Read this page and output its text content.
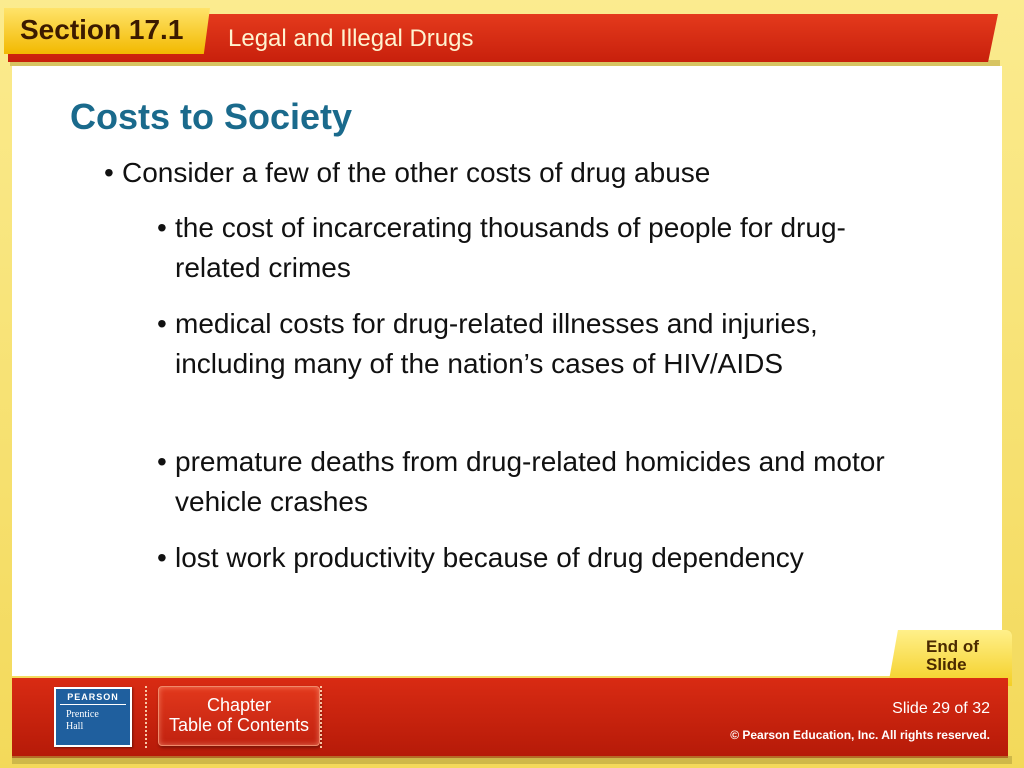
Section 17.1 Legal and Illegal Drugs
Costs to Society
• Consider a few of the other costs of drug abuse
• the cost of incarcerating thousands of people for drug-related crimes
• medical costs for drug-related illnesses and injuries, including many of the nation’s cases of HIV/AIDS
• premature deaths from drug-related homicides and motor vehicle crashes
• lost work productivity because of drug dependency
End of
Slide
PEARSON
Prentice
Hall
Chapter
Table of Contents
Slide 29 of 32
© Pearson Education, Inc. All rights reserved.
